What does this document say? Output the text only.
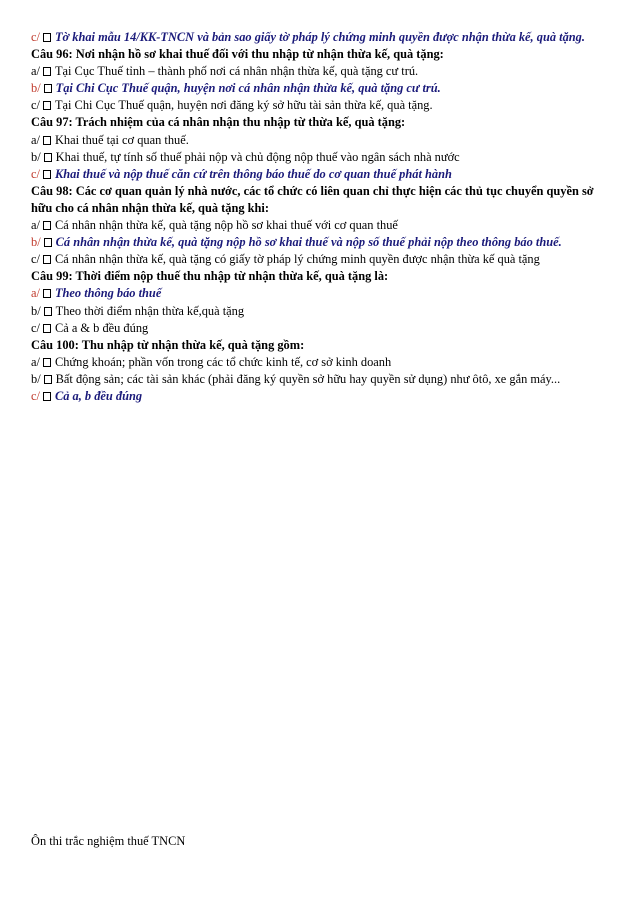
c/ Tờ khai mẫu 14/KK-TNCN và bản sao giấy tờ pháp lý chứng minh quyền được nhận thừa kế, quà tặng.
Câu 96: Nơi nhận hồ sơ khai thuế đối với thu nhập từ nhận thừa kế, quà tặng:
a/ Tại Cục Thuế tỉnh – thành phố nơi cá nhân nhận thừa kế, quà tặng cư trú.
b/ Tại Chi Cục Thuế quận, huyện nơi cá nhân nhận thừa kế, quà tặng cư trú.
c/ Tại Chi Cục Thuế quận, huyện nơi đăng ký sở hữu tài sản thừa kế, quà tặng.
Câu 97: Trách nhiệm của cá nhân nhận thu nhập từ thừa kế, quà tặng:
a/ Khai thuế tại cơ quan thuế.
b/ Khai thuế, tự tính số thuế phải nộp và chủ động nộp thuế vào ngân sách nhà nước
c/ Khai thuế và nộp thuế căn cứ trên thông báo thuế do cơ quan thuế phát hành
Câu 98: Các cơ quan quản lý nhà nước, các tổ chức có liên quan chỉ thực hiện các thủ tục chuyển quyền sở hữu cho cá nhân nhận thừa kế, quà tặng khi:
a/ Cá nhân nhận thừa kế, quà tặng nộp hồ sơ khai thuế với cơ quan thuế
b/ Cá nhân nhận thừa kế, quà tặng nộp hồ sơ khai thuế và nộp số thuế phải nộp theo thông báo thuế.
c/ Cá nhân nhận thừa kế, quà tặng có giấy tờ pháp lý chứng minh quyền được nhận thừa kế quà tặng
Câu 99: Thời điểm nộp thuế thu nhập từ nhận thừa kế, quà tặng là:
a/ Theo thông báo thuế
b/ Theo thời điểm nhận thừa kế,quà tặng
c/ Cả a & b đều đúng
Câu 100: Thu nhập từ nhận thừa kế, quà tặng gồm:
a/ Chứng khoán; phần vốn trong các tổ chức kinh tế, cơ sở kinh doanh
b/ Bất động sản; các tài sản khác (phải đăng ký quyền sở hữu hay quyền sử dụng) như ôtô, xe gắn máy...
c/ Cả a, b đều đúng
Ôn thi trắc nghiệm thuế TNCN
